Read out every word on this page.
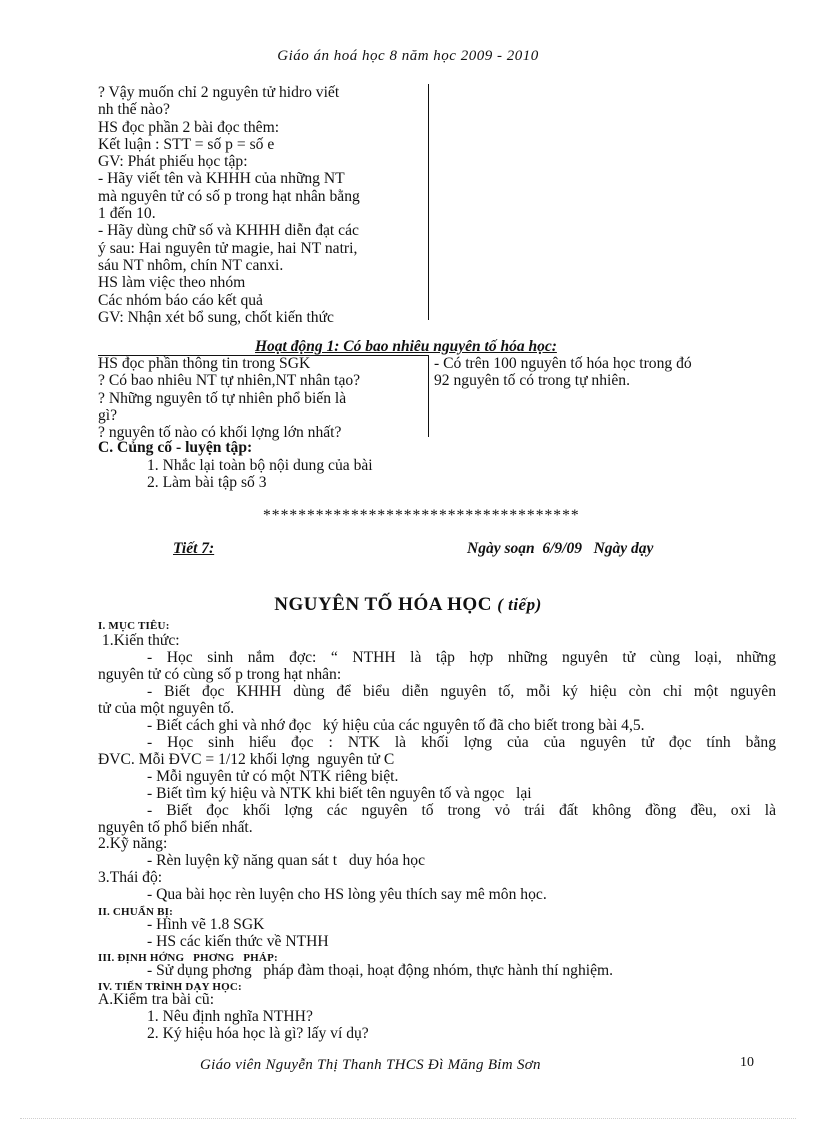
Giáo án hoá học 8 năm học 2009 - 2010
? Vậy muốn chỉ 2 nguyên tử hidro viết
nh thế nào?
HS đọc phần 2 bài đọc thêm:
Kết luận : STT = số p = số e
GV: Phát phiếu học tập:
- Hãy viết tên và KHHH của những NT
mà nguyên tử có số p trong hạt nhân bằng
1 đến 10.
- Hãy dùng chữ số và KHHH diễn đạt các
ý sau: Hai nguyên tử magie, hai NT natri,
sáu NT nhôm, chín NT canxi.
HS làm việc theo nhóm
Các nhóm báo cáo kết quả
GV: Nhận xét bổ sung, chốt kiến thức
Hoạt động 1: Có bao nhiêu nguyên tố hóa học:
HS đọc phần thông tin trong SGK
? Có bao nhiêu NT tự nhiên,NT nhân tạo?
? Những nguyên tố tự nhiên phổ biến là
gì?
? nguyên tố nào có khối lợng lớn nhất?
- Có trên 100 nguyên tố hóa học trong đó
92 nguyên tố có trong tự nhiên.
C. Củng cố - luyện tập:
1. Nhắc lại toàn bộ nội dung của bài
2. Làm bài tập số 3
************************************
Tiết 7:	Ngày soạn  6/9/09   Ngày dạy
NGUYÊN TỐ HÓA HỌC ( tiếp)
I. MỤC TIÊU:
1.Kiến thức:
- Học sinh nắm đợc: “ NTHH là tập hợp những nguyên tử cùng loại, những
nguyên tử có cùng số p trong hạt nhân:
- Biết đọc KHHH dùng để biểu diễn nguyên tố, mỗi ký hiệu còn chỉ một nguyên
tử của một nguyên tố.
- Biết cách ghi và nhớ đọc   ký hiệu của các nguyên tố đã cho biết trong bài 4,5.
- Học sinh hiểu đọc : NTK là khối lợng của của nguyên tử đọc tính bằng
ĐVC. Mỗi ĐVC = 1/12 khối lợng  nguyên tử C
- Mỗi nguyên tử có một NTK riêng biệt.
- Biết tìm ký hiệu và NTK khi biết tên nguyên tố và ngọc   lại
- Biết đọc khối lợng các nguyên tố trong vỏ trái đất không đồng đều, oxi là
nguyên tố phổ biến nhất.
2.Kỹ năng:
- Rèn luyện kỹ năng quan sát t   duy hóa học
3.Thái độ:
- Qua bài học rèn luyện cho HS lòng yêu thích say mê môn học.
II. CHUẨN BỊ:
- Hình vẽ 1.8 SGK
- HS các kiến thức về NTHH
III. ĐỊNH HỚNG   PHƠNG   PHÁP:
- Sử dụng phơng   pháp đàm thoại, hoạt động nhóm, thực hành thí nghiệm.
IV. TIẾN TRÌNH DẠY HỌC:
A.Kiểm tra bài cũ:
1. Nêu định nghĩa NTHH?
2. Ký hiệu hóa học là gì? lấy ví dụ?
Giáo viên Nguyễn Thị Thanh THCS Đì Măng Bỉm Sơn	10
